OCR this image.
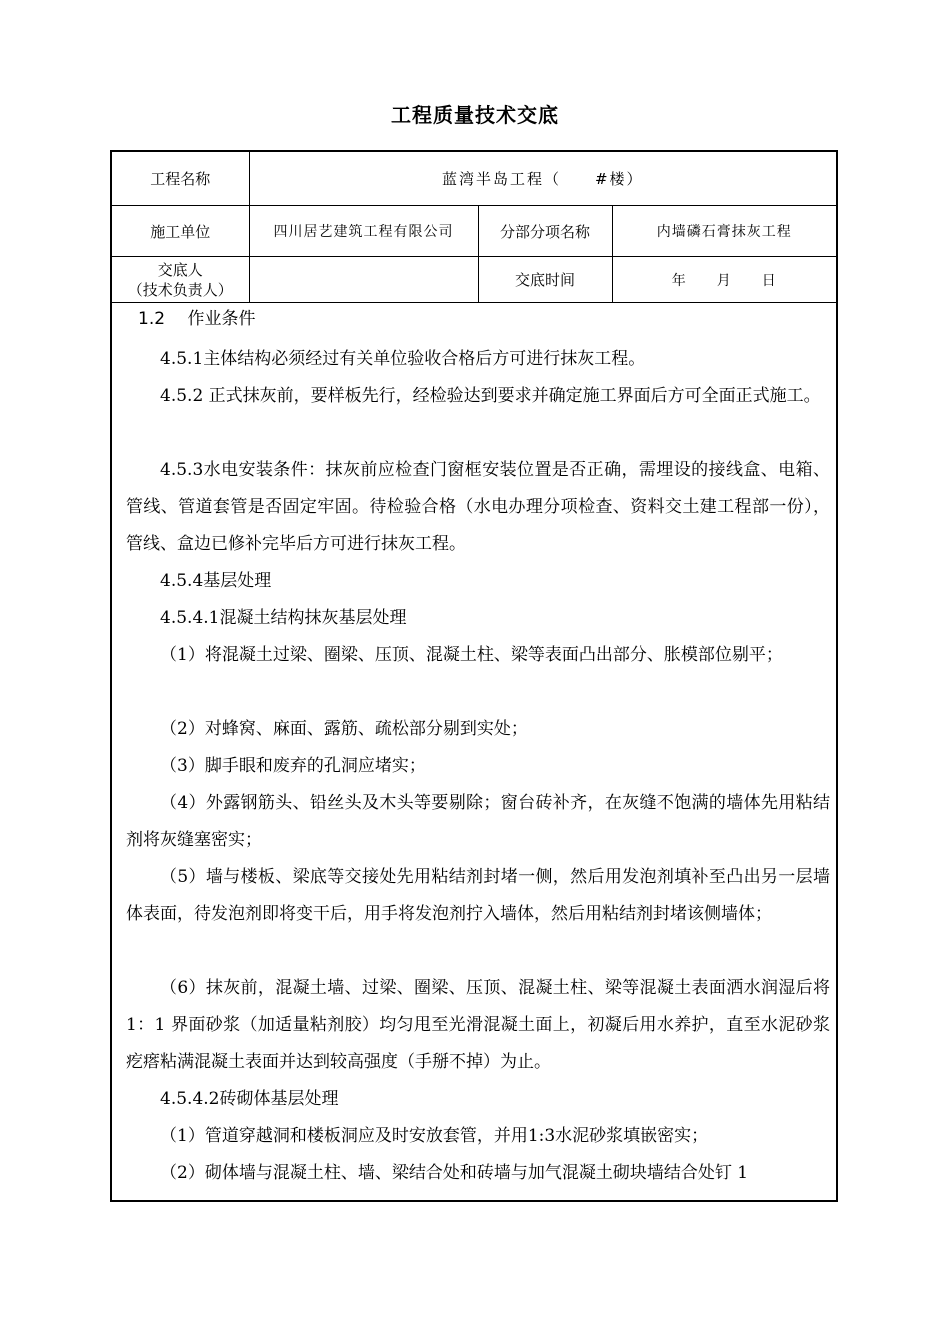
工程质量技术交底
工程名称	蓝湾半岛工程（　　#楼）		
施工单位	四川居艺建筑工程有限公司	分部分项名称	内墙磷石膏抹灰工程

交底人
（技术负责人）		交底时间	年　　月　　日
1.2　 作业条件
4.5.1主体结构必须经过有关单位验收合格后方可进行抹灰工程。
4.5.2 正式抹灰前，要样板先行，经检验达到要求并确定施工界面后方可全面正式施工。
4.5.3水电安装条件：抹灰前应检查门窗框安装位置是否正确，需埋设的接线盒、电箱、管线、管道套管是否固定牢固。待检验合格（水电办理分项检查、资料交土建工程部一份），管线、盒边已修补完毕后方可进行抹灰工程。
4.5.4基层处理
4.5.4.1混凝土结构抹灰基层处理
（1）将混凝土过梁、圈梁、压顶、混凝土柱、梁等表面凸出部分、胀模部位剔平；
（2）对蜂窝、麻面、露筋、疏松部分剔到实处；
（3）脚手眼和废弃的孔洞应堵实；
（4）外露钢筋头、铅丝头及木头等要剔除；窗台砖补齐，在灰缝不饱满的墙体先用粘结剂将灰缝塞密实；
（5）墙与楼板、梁底等交接处先用粘结剂封堵一侧，然后用发泡剂填补至凸出另一层墙体表面，待发泡剂即将变干后，用手将发泡剂拧入墙体，然后用粘结剂封堵该侧墙体；
（6）抹灰前，混凝土墙、过梁、圈梁、压顶、混凝土柱、梁等混凝土表面洒水润湿后将 1：1 界面砂浆（加适量粘剂胶）均匀甩至光滑混凝土面上，初凝后用水养护，直至水泥砂浆疙瘩粘满混凝土表面并达到较高强度（手掰不掉）为止。
4.5.4.2砖砌体基层处理
（1）管道穿越洞和楼板洞应及时安放套管，并用1:3水泥砂浆填嵌密实；
（2）砌体墙与混凝土柱、墙、梁结合处和砖墙与加气混凝土砌块墙结合处钉 1
